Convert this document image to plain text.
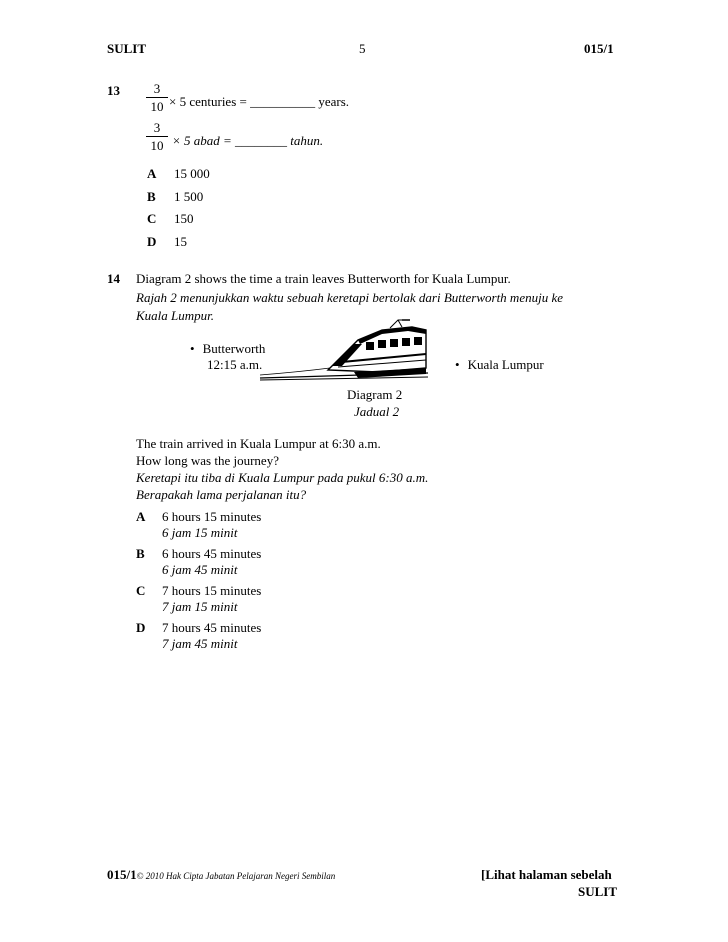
SULIT	5	015/1
13	3
10 × 5 centuries = __________ years.
3
10 × 5 abad = ________ tahun.
A 15 000
B 1 500
C 150
D 15
14 Diagram 2 shows the time a train leaves Butterworth for Kuala Lumpur.
Rajah 2 menunjukkan waktu sebuah keretapi bertolak dari Butterworth menuju ke
Kuala Lumpur.
• Butterworth
12:15 a.m.
•	Kuala Lumpur
Diagram 2
Jadual 2
The train arrived in Kuala Lumpur at 6:30 a.m.
How long was the journey?
Keretapi itu tiba di Kuala Lumpur pada pukul 6:30 a.m.
Berapakah lama perjalanan itu?
A 6 hours 15 minutes
6 jam 15 minit
B 6 hours 45 minutes
6 jam 45 minit
C 7 hours 15 minutes
7 jam 15 minit
D 7 hours 45 minutes
7 jam 45 minit
015/1© 2010 Hak Cipta Jabatan Pelajaran Negeri Sembilan	[Lihat halaman sebelah
SULIT
